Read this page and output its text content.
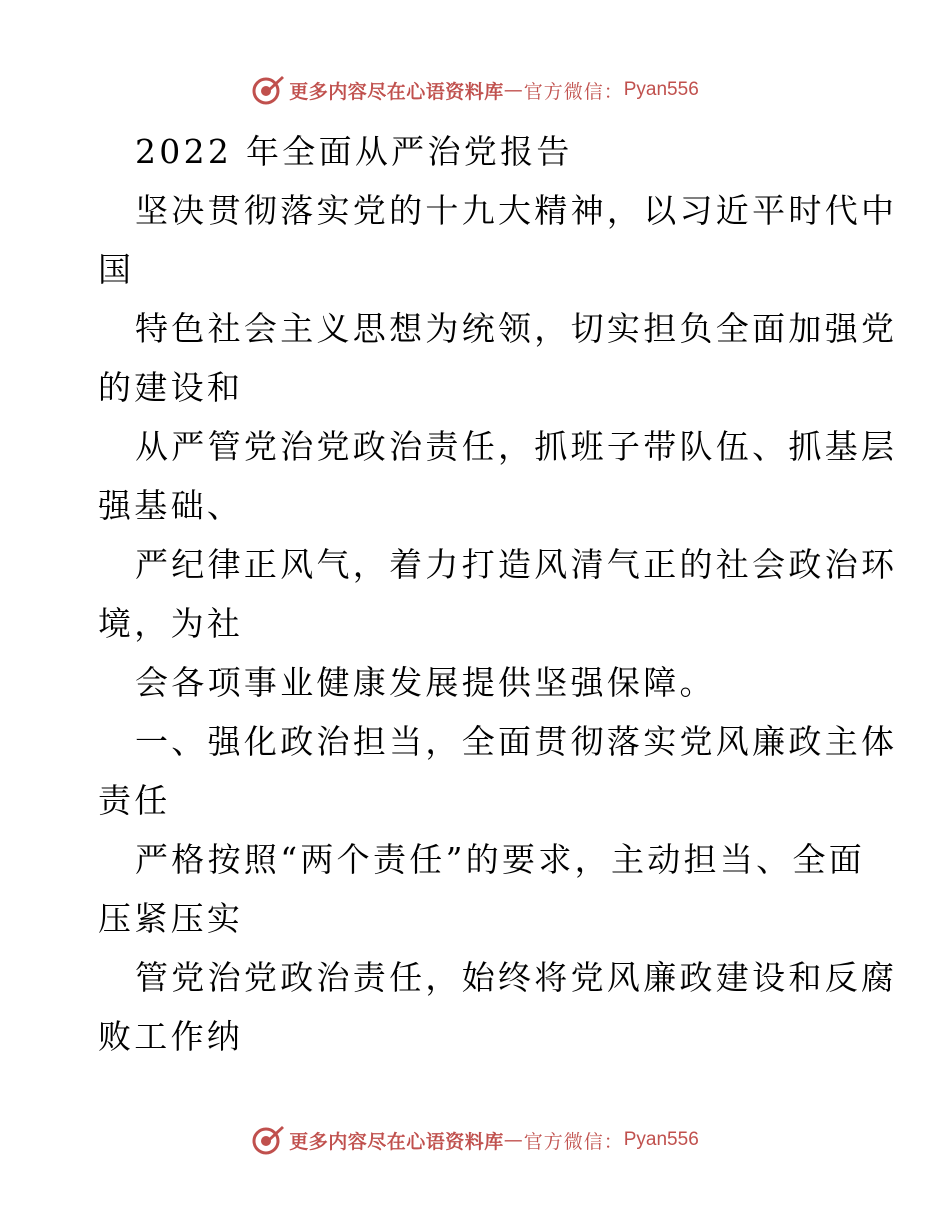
更多内容尽在心语资料库 — 官方微信： Pyan556
2022 年全面从严治党报告
坚决贯彻落实党的十九大精神，以习近平时代中
国
特色社会主义思想为统领，切实担负全面加强党
的建设和
从严管党治党政治责任，抓班子带队伍、抓基层
强基础、
严纪律正风气，着力打造风清气正的社会政治环
境，为社
会各项事业健康发展提供坚强保障。
一、强化政治担当，全面贯彻落实党风廉政主体
责任
严格按照“两个责任”的要求，主动担当、全面
压紧压实
管党治党政治责任，始终将党风廉政建设和反腐
败工作纳
更多内容尽在心语资料库 — 官方微信： Pyan556
